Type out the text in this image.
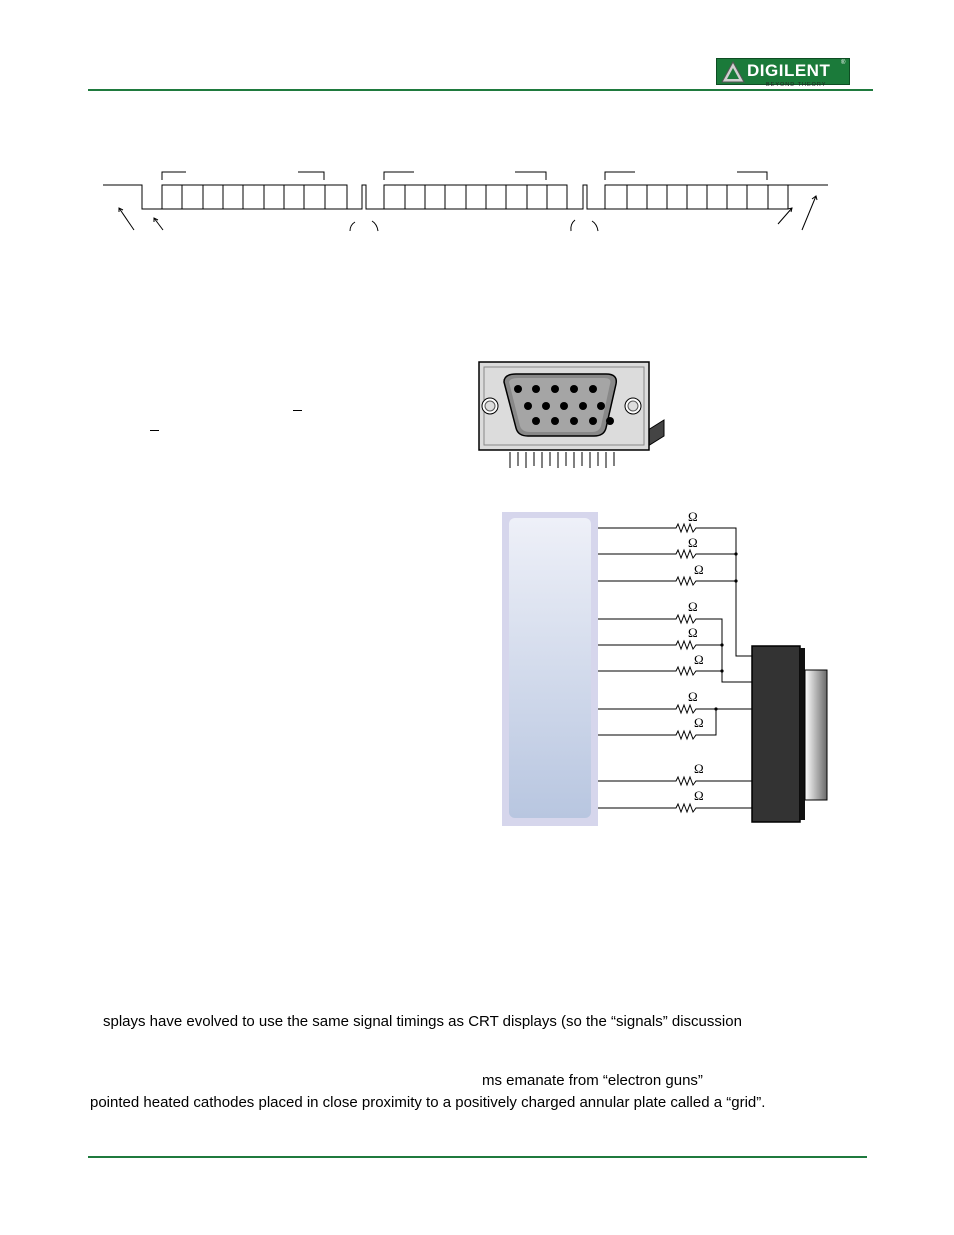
DIGILENT ®
BEYOND THEORY
Ω
Ω
Ω
Ω
Ω
Ω
Ω
Ω
Ω
Ω
splays have evolved to use the same signal timings as CRT displays (so the “signals” discussion
ms emanate from “electron guns”
pointed heated cathodes placed in close proximity to a positively charged annular plate called a “grid”.
